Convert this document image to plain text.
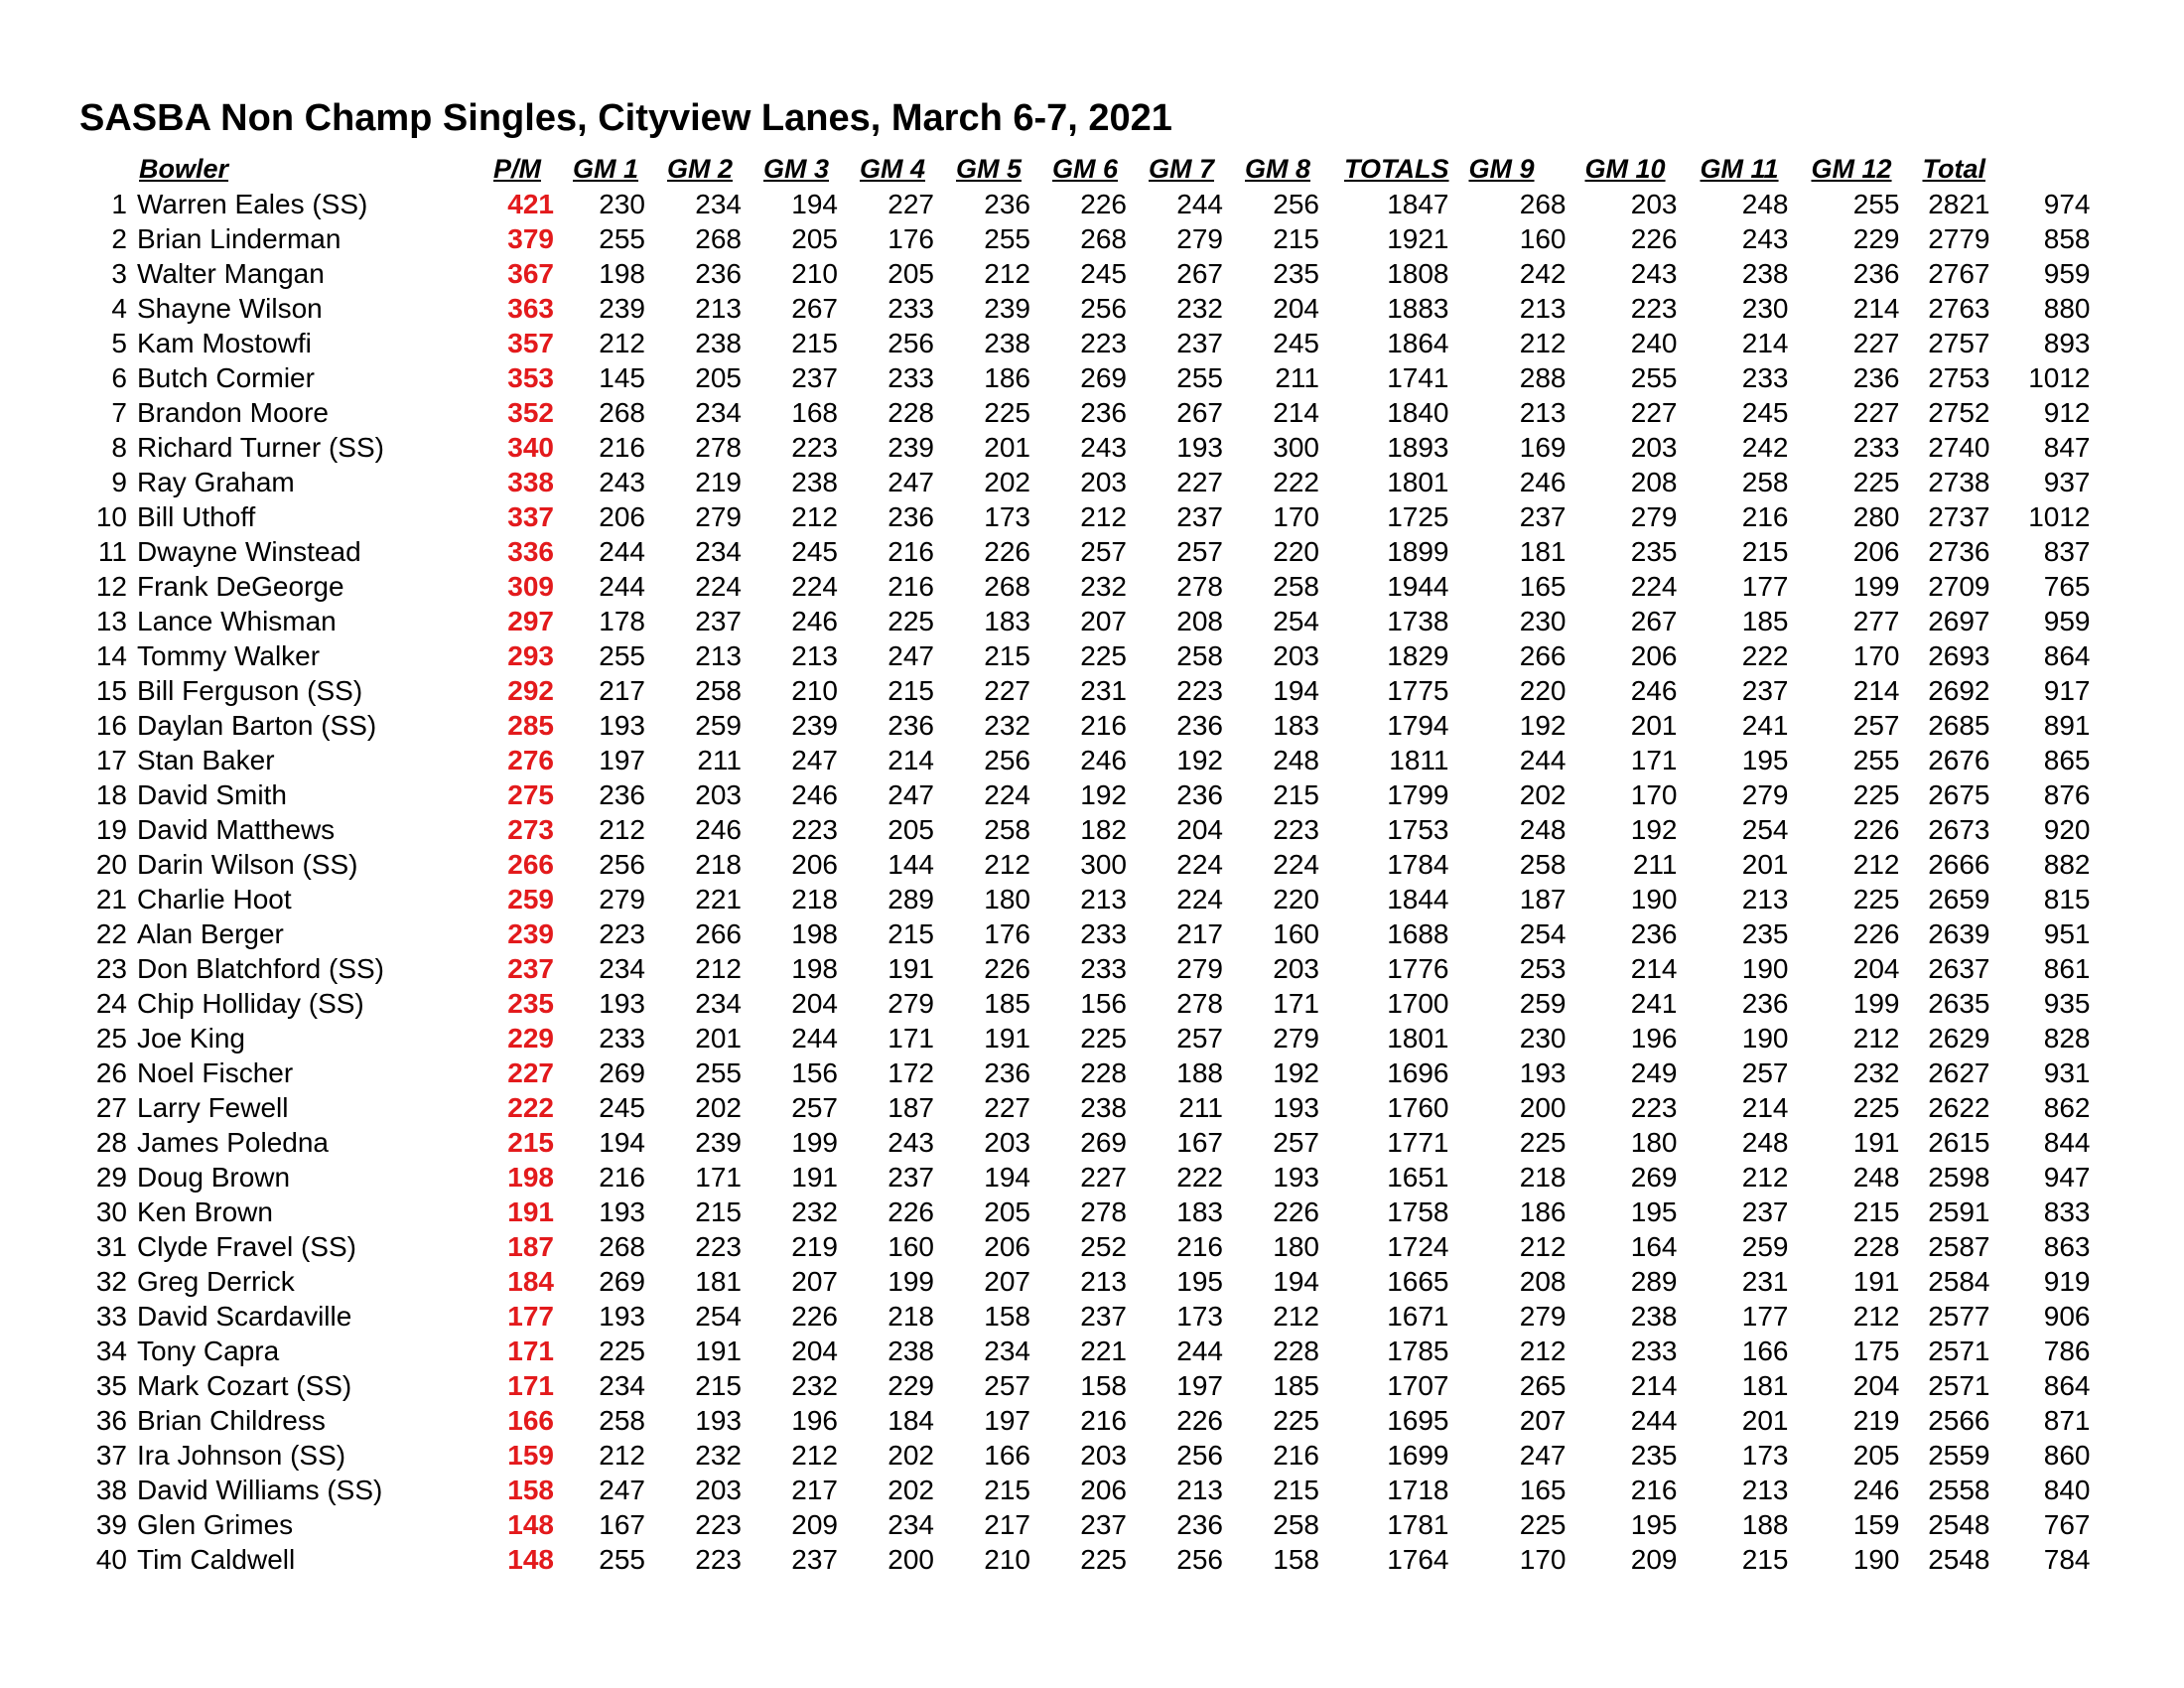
SASBA Non Champ Singles, Cityview Lanes, March 6-7, 2021
	Bowler	P/M	GM 1	GM 2	GM 3	GM 4	GM 5	GM 6	GM 7	GM 8	TOTALS	GM 9	GM 10	GM 11	GM 12	Total	
1	Warren Eales (SS)	421	230	234	194	227	236	226	244	256	1847	268	203	248	255	2821	974
2	Brian Linderman	379	255	268	205	176	255	268	279	215	1921	160	226	243	229	2779	858
3	Walter Mangan	367	198	236	210	205	212	245	267	235	1808	242	243	238	236	2767	959
4	Shayne Wilson	363	239	213	267	233	239	256	232	204	1883	213	223	230	214	2763	880
5	Kam Mostowfi	357	212	238	215	256	238	223	237	245	1864	212	240	214	227	2757	893
6	Butch Cormier	353	145	205	237	233	186	269	255	211	1741	288	255	233	236	2753	1012
7	Brandon Moore	352	268	234	168	228	225	236	267	214	1840	213	227	245	227	2752	912
8	Richard Turner (SS)	340	216	278	223	239	201	243	193	300	1893	169	203	242	233	2740	847
9	Ray Graham	338	243	219	238	247	202	203	227	222	1801	246	208	258	225	2738	937
10	Bill Uthoff	337	206	279	212	236	173	212	237	170	1725	237	279	216	280	2737	1012
11	Dwayne Winstead	336	244	234	245	216	226	257	257	220	1899	181	235	215	206	2736	837
12	Frank DeGeorge	309	244	224	224	216	268	232	278	258	1944	165	224	177	199	2709	765
13	Lance Whisman	297	178	237	246	225	183	207	208	254	1738	230	267	185	277	2697	959
14	Tommy Walker	293	255	213	213	247	215	225	258	203	1829	266	206	222	170	2693	864
15	Bill Ferguson (SS)	292	217	258	210	215	227	231	223	194	1775	220	246	237	214	2692	917
16	Daylan Barton (SS)	285	193	259	239	236	232	216	236	183	1794	192	201	241	257	2685	891
17	Stan Baker	276	197	211	247	214	256	246	192	248	1811	244	171	195	255	2676	865
18	David Smith	275	236	203	246	247	224	192	236	215	1799	202	170	279	225	2675	876
19	David Matthews	273	212	246	223	205	258	182	204	223	1753	248	192	254	226	2673	920
20	Darin Wilson (SS)	266	256	218	206	144	212	300	224	224	1784	258	211	201	212	2666	882
21	Charlie Hoot	259	279	221	218	289	180	213	224	220	1844	187	190	213	225	2659	815
22	Alan Berger	239	223	266	198	215	176	233	217	160	1688	254	236	235	226	2639	951
23	Don Blatchford (SS)	237	234	212	198	191	226	233	279	203	1776	253	214	190	204	2637	861
24	Chip Holliday (SS)	235	193	234	204	279	185	156	278	171	1700	259	241	236	199	2635	935
25	Joe King	229	233	201	244	171	191	225	257	279	1801	230	196	190	212	2629	828
26	Noel Fischer	227	269	255	156	172	236	228	188	192	1696	193	249	257	232	2627	931
27	Larry Fewell	222	245	202	257	187	227	238	211	193	1760	200	223	214	225	2622	862
28	James Poledna	215	194	239	199	243	203	269	167	257	1771	225	180	248	191	2615	844
29	Doug Brown	198	216	171	191	237	194	227	222	193	1651	218	269	212	248	2598	947
30	Ken Brown	191	193	215	232	226	205	278	183	226	1758	186	195	237	215	2591	833
31	Clyde Fravel (SS)	187	268	223	219	160	206	252	216	180	1724	212	164	259	228	2587	863
32	Greg Derrick	184	269	181	207	199	207	213	195	194	1665	208	289	231	191	2584	919
33	David Scardaville	177	193	254	226	218	158	237	173	212	1671	279	238	177	212	2577	906
34	Tony Capra	171	225	191	204	238	234	221	244	228	1785	212	233	166	175	2571	786
35	Mark Cozart (SS)	171	234	215	232	229	257	158	197	185	1707	265	214	181	204	2571	864
36	Brian Childress	166	258	193	196	184	197	216	226	225	1695	207	244	201	219	2566	871
37	Ira Johnson (SS)	159	212	232	212	202	166	203	256	216	1699	247	235	173	205	2559	860
38	David Williams (SS)	158	247	203	217	202	215	206	213	215	1718	165	216	213	246	2558	840
39	Glen Grimes	148	167	223	209	234	217	237	236	258	1781	225	195	188	159	2548	767
40	Tim Caldwell	148	255	223	237	200	210	225	256	158	1764	170	209	215	190	2548	784
